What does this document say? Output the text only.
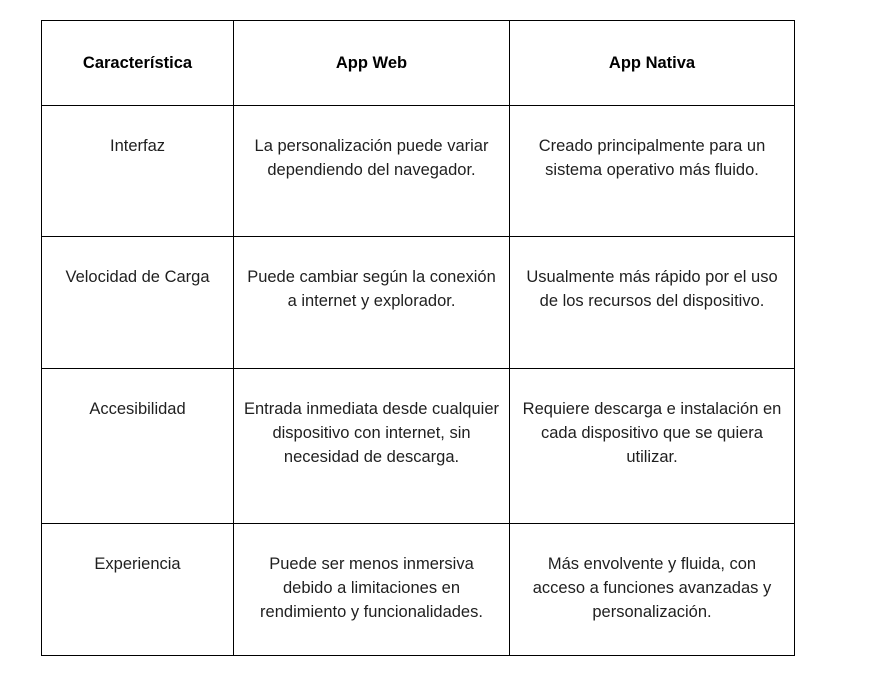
Característica	App Web	App Nativa
Interfaz	La personalización puede variar dependiendo del navegador.	Creado principalmente para un sistema operativo más fluido.
Velocidad de Carga	Puede cambiar según la conexión a internet y explorador.	Usualmente más rápido por el uso de los recursos del dispositivo.
Accesibilidad	Entrada inmediata desde cualquier dispositivo con internet, sin necesidad de descarga.	Requiere descarga e instalación en cada dispositivo que se quiera utilizar.
Experiencia	Puede ser menos inmersiva debido a limitaciones en rendimiento y funcionalidades.	Más envolvente y fluida, con acceso a funciones avanzadas y personalización.
